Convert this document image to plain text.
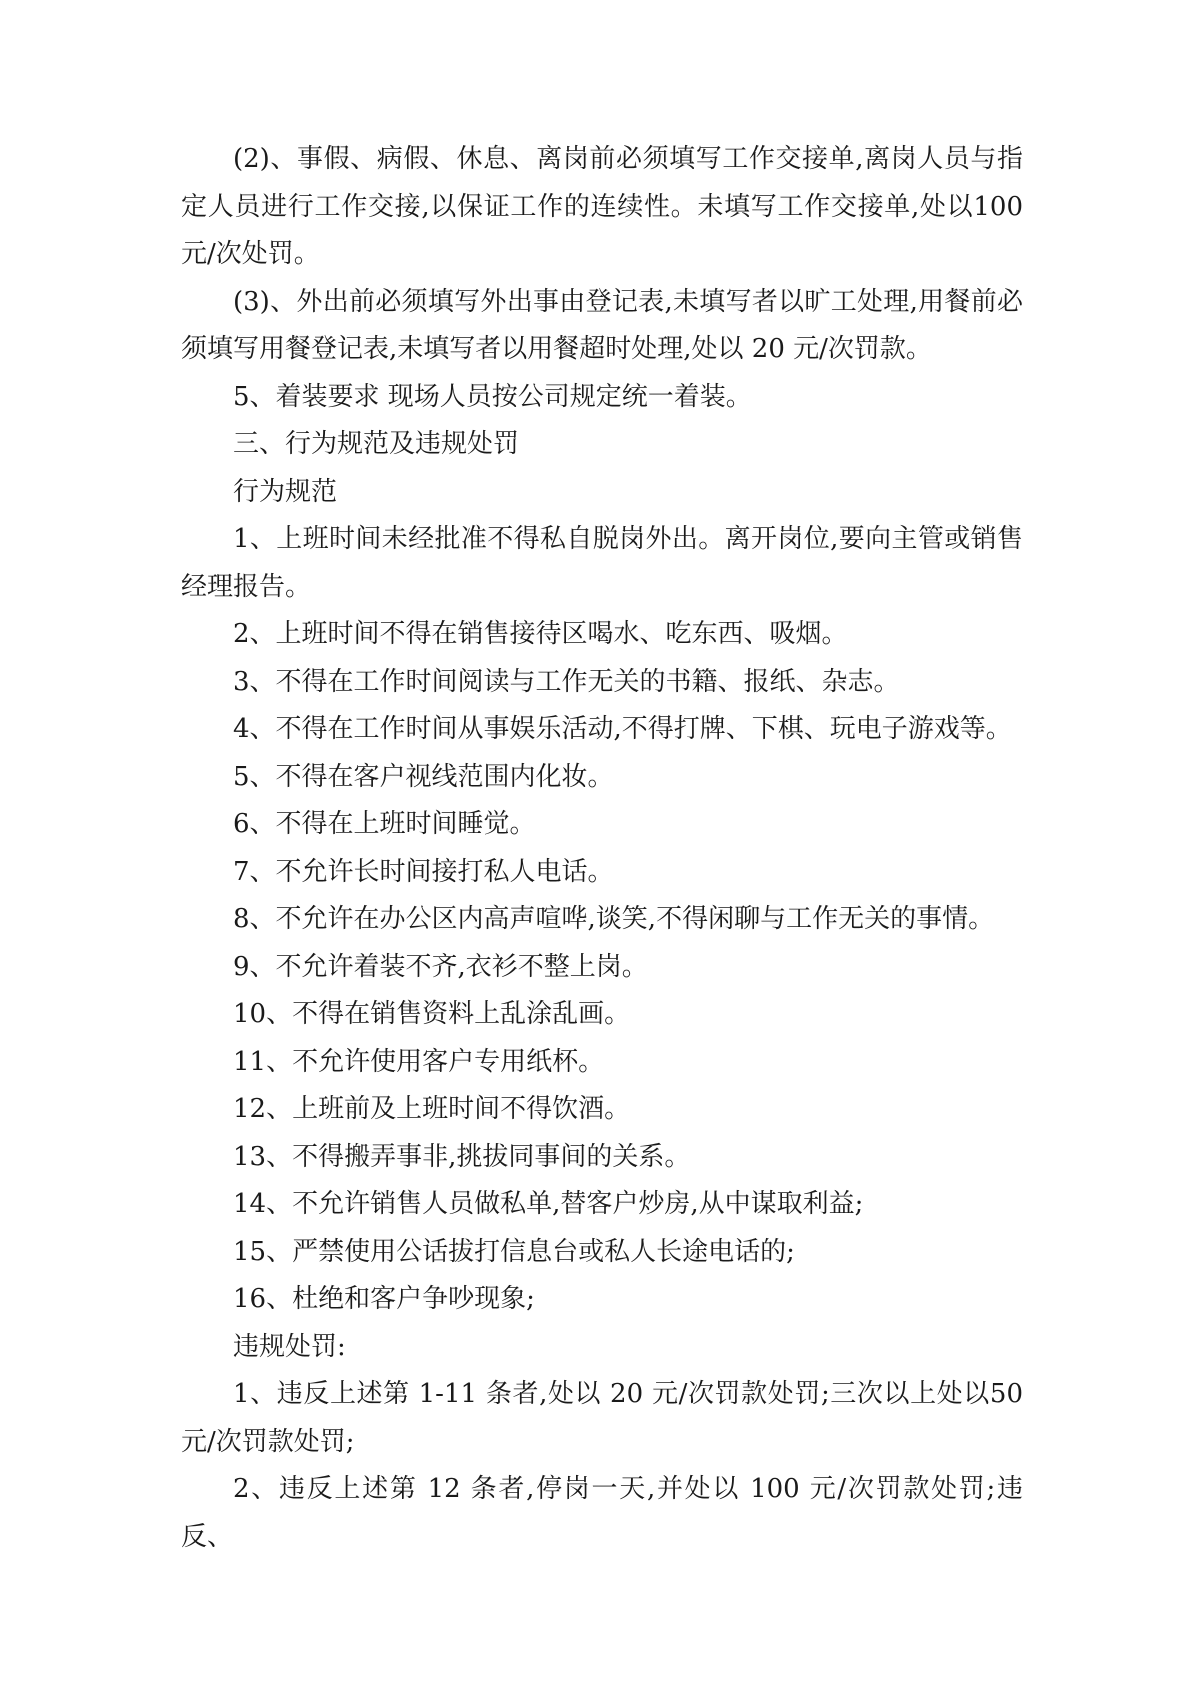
(2)、事假、病假、休息、离岗前必须填写工作交接单,离岗人员与指定人员进行工作交接,以保证工作的连续性。未填写工作交接单,处以100 元/次处罚。

(3)、外出前必须填写外出事由登记表,未填写者以旷工处理,用餐前必须填写用餐登记表,未填写者以用餐超时处理,处以 20 元/次罚款。

5、着装要求 现场人员按公司规定统一着装。

三、行为规范及违规处罚

行为规范

1、上班时间未经批准不得私自脱岗外出。离开岗位,要向主管或销售经理报告。

2、上班时间不得在销售接待区喝水、吃东西、吸烟。

3、不得在工作时间阅读与工作无关的书籍、报纸、杂志。

4、不得在工作时间从事娱乐活动,不得打牌、下棋、玩电子游戏等。

5、不得在客户视线范围内化妆。

6、不得在上班时间睡觉。

7、不允许长时间接打私人电话。

8、不允许在办公区内高声喧哗,谈笑,不得闲聊与工作无关的事情。

9、不允许着装不齐,衣衫不整上岗。

10、不得在销售资料上乱涂乱画。

11、不允许使用客户专用纸杯。

12、上班前及上班时间不得饮酒。

13、不得搬弄事非,挑拔同事间的关系。

14、不允许销售人员做私单,替客户炒房,从中谋取利益;

15、严禁使用公话拔打信息台或私人长途电话的;

16、杜绝和客户争吵现象;

违规处罚:

1、违反上述第 1-11 条者,处以 20 元/次罚款处罚;三次以上处以50 元/次罚款处罚;

2、违反上述第 12 条者,停岗一天,并处以 100 元/次罚款处罚;违反、
